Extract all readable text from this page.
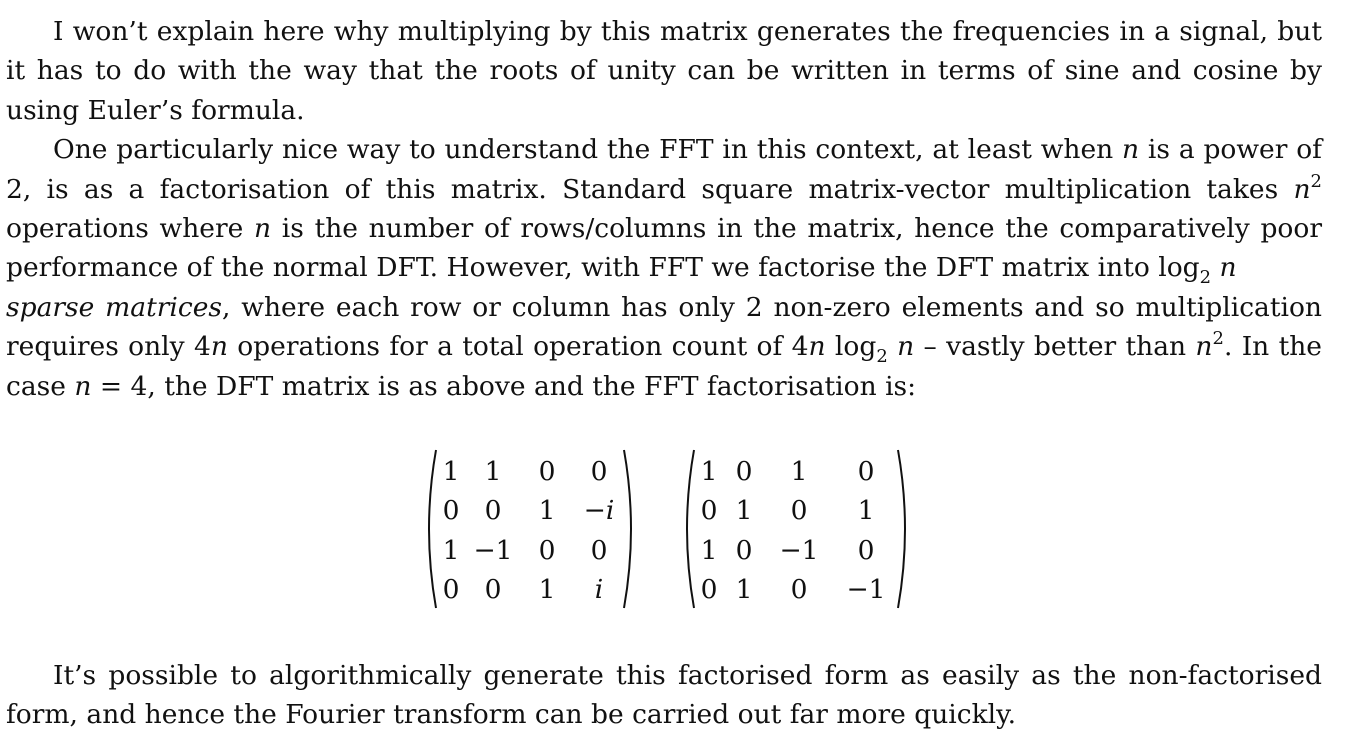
I won’t explain here why multiplying by this matrix generates the frequencies in a signal, but it has to do with the way that the roots of unity can be written in terms of sine and cosine by using Euler’s formula.

One particularly nice way to understand the FFT in this context, at least when n is a power of 2, is as a factorisation of this matrix. Standard square matrix-vector multiplication takes $n^2$ operations where n is the number of rows/columns in the matrix, hence the comparatively poor performance of the normal DFT. However, with FFT we factorise the DFT matrix into $\log_2 n$
sparse matrices, where each row or column has only 2 non-zero elements and so multiplication requires only 4n operations for a total operation count of 4n $\log_2 n$ – vastly better than $n^2$. In the case n = 4, the DFT matrix is as above and the FFT factorisation is:

1	1	0	0
0	0	1	−i
1	−1	0	0
0	0	1	i
1	0	1	0
0	1	0	1
1	0	−1	0
0	1	0	−1

It’s possible to algorithmically generate this factorised form as easily as the non-factorised form, and hence the Fourier transform can be carried out far more quickly.
